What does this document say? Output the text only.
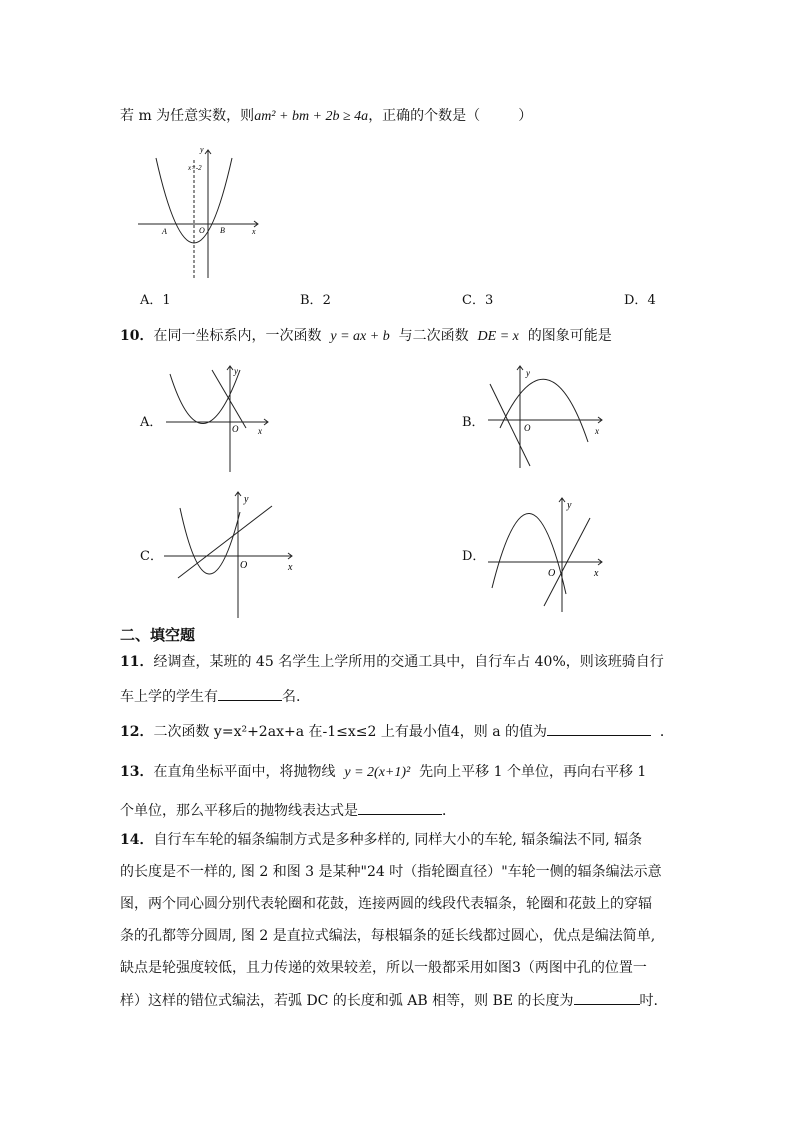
若 m 为任意实数，则am² + bm + 2b ≥ 4a，正确的个数是（	）
y
x
x=-2
A	O B
A．1	B．2	C．3	D．4
10．在同一坐标系内，一次函数 y = ax + b 与二次函数 DE = x 的图象可能是
A．
y
O x
B．
y
O	x
C．
y
O	x
D．
y
O	x
二、填空题
11．经调查，某班的 45 名学生上学所用的交通工具中，自行车占 40%，则该班骑自行
车上学的学生有	名.
12．二次函数 y=x²+2ax+a 在-1≤x≤2 上有最小值4，则 a 的值为	．
13．在直角坐标平面中，将抛物线 y = 2(x+1)² 先向上平移 1 个单位，再向右平移 1
个单位，那么平移后的抛物线表达式是	．
14．自行车车轮的辐条编制方式是多种多样的, 同样大小的车轮, 辐条编法不同, 辐条
的长度是不一样的, 图 2 和图 3 是某种"24 吋（指轮圈直径）"车轮一侧的辐条编法示意
图，两个同心圆分别代表轮圈和花鼓，连接两圆的线段代表辐条，轮圈和花鼓上的穿辐
条的孔都等分圆周, 图 2 是直拉式编法，每根辐条的延长线都过圆心，优点是编法简单,
缺点是轮强度较低，且力传递的效果较差，所以一般都采用如图3（两图中孔的位置一
样）这样的错位式编法，若弧 DC 的长度和弧 AB 相等，则 BE 的长度为	吋.
